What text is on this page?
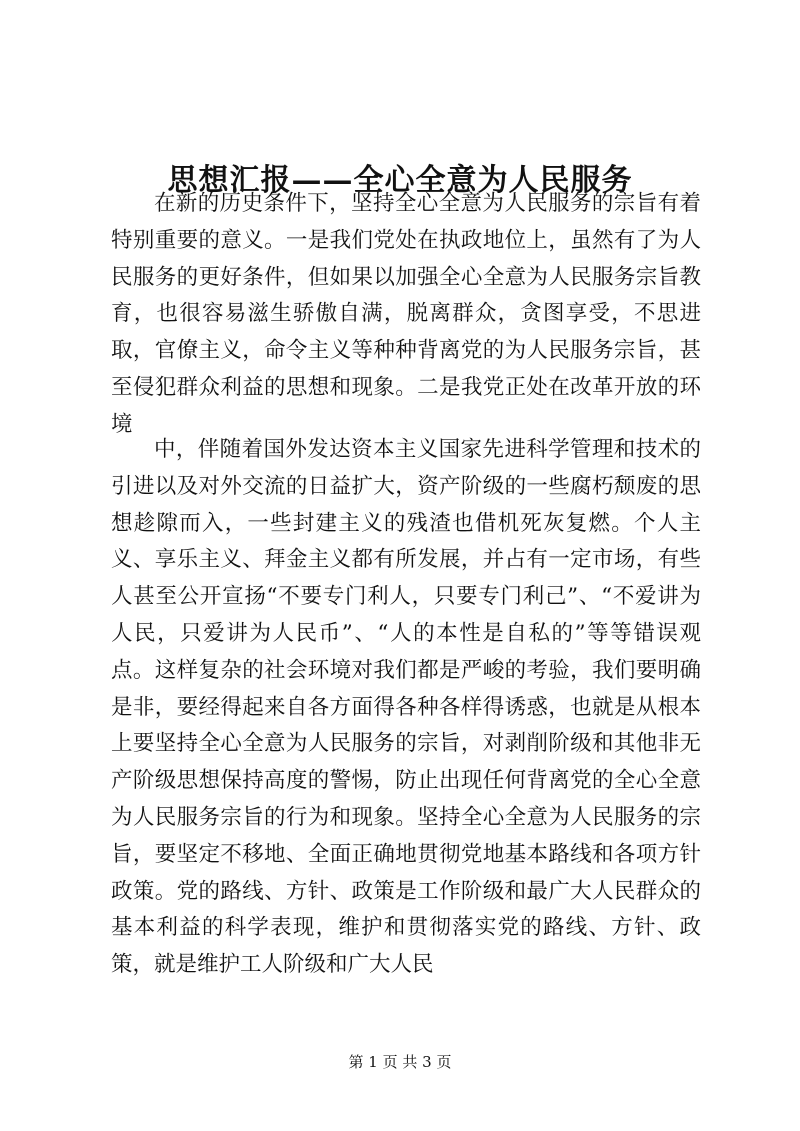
思想汇报——全心全意为人民服务

在新的历史条件下，坚持全心全意为人民服务的宗旨有着特别重要的意义。一是我们党处在执政地位上，虽然有了为人民服务的更好条件，但如果以加强全心全意为人民服务宗旨教育，也很容易滋生骄傲自满，脱离群众，贪图享受，不思进取，官僚主义，命令主义等种种背离党的为人民服务宗旨，甚至侵犯群众利益的思想和现象。二是我党正处在改革开放的环境

中，伴随着国外发达资本主义国家先进科学管理和技术的引进以及对外交流的日益扩大，资产阶级的一些腐朽颓废的思想趁隙而入，一些封建主义的残渣也借机死灰复燃。个人主义、享乐主义、拜金主义都有所发展，并占有一定市场，有些人甚至公开宣扬“不要专门利人，只要专门利己”、“不爱讲为人民，只爱讲为人民币”、“人的本性是自私的”等等错误观点。这样复杂的社会环境对我们都是严峻的考验，我们要明确是非，要经得起来自各方面得各种各样得诱惑，也就是从根本上要坚持全心全意为人民服务的宗旨，对剥削阶级和其他非无产阶级思想保持高度的警惕，防止出现任何背离党的全心全意为人民服务宗旨的行为和现象。坚持全心全意为人民服务的宗旨，要坚定不移地、全面正确地贯彻党地基本路线和各项方针政策。党的路线、方针、政策是工作阶级和最广大人民群众的基本利益的科学表现，维护和贯彻落实党的路线、方针、政策，就是维护工人阶级和广大人民

第 1 页 共 3 页
